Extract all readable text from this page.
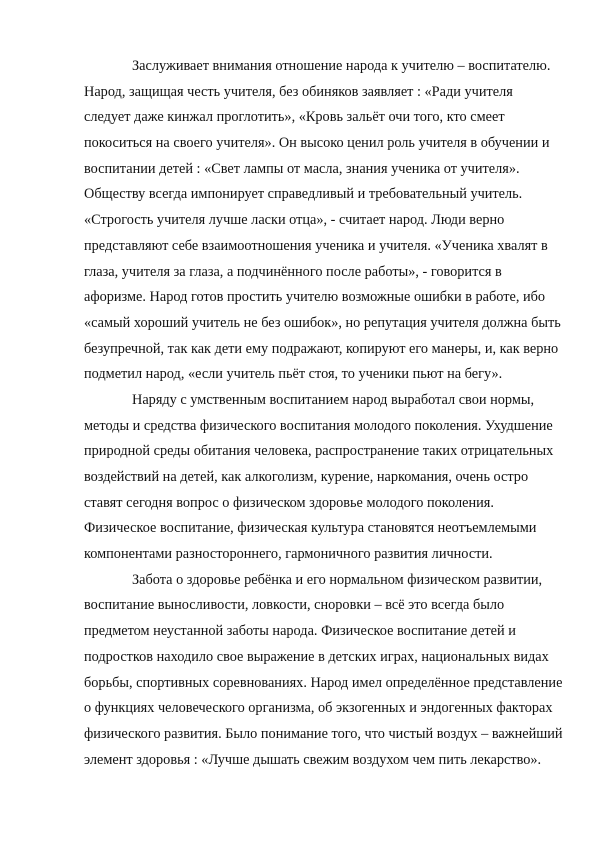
Заслуживает внимания отношение народа к учителю – воспитателю.
Народ, защищая честь учителя, без обиняков заявляет : «Ради учителя
следует даже кинжал проглотить», «Кровь зальёт очи того, кто смеет
покоситься на своего учителя». Он высоко ценил роль учителя в обучении и
воспитании детей : «Свет лампы от масла, знания ученика от учителя».
Обществу всегда импонирует справедливый и требовательный учитель.
«Строгость учителя лучше ласки отца», - считает народ. Люди верно
представляют себе взаимоотношения ученика и учителя. «Ученика хвалят в
глаза, учителя за глаза, а подчинённого после работы», - говорится в
афоризме. Народ готов простить учителю возможные ошибки в работе, ибо
«самый хороший учитель не без ошибок», но репутация учителя должна быть
безупречной, так как дети ему подражают, копируют его манеры, и, как верно
подметил народ, «если учитель пьёт стоя, то ученики пьют на бегу».
Наряду с умственным воспитанием народ выработал свои нормы,
методы и средства физического воспитания молодого поколения. Ухудшение
природной среды обитания человека, распространение таких отрицательных
воздействий на детей, как алкоголизм, курение, наркомания, очень остро
ставят сегодня вопрос о физическом здоровье молодого поколения.
Физическое воспитание, физическая культура становятся неотъемлемыми
компонентами разностороннего, гармоничного развития личности.
Забота о здоровье ребёнка и его нормальном физическом развитии,
воспитание выносливости, ловкости, сноровки – всё это всегда было
предметом неустанной заботы народа. Физическое воспитание детей и
подростков находило свое выражение в детских играх, национальных видах
борьбы, спортивных соревнованиях. Народ имел определённое представление
о функциях человеческого организма, об экзогенных и эндогенных факторах
физического развития. Было понимание того, что чистый воздух – важнейший
элемент здоровья : «Лучше дышать свежим воздухом чем пить лекарство».
